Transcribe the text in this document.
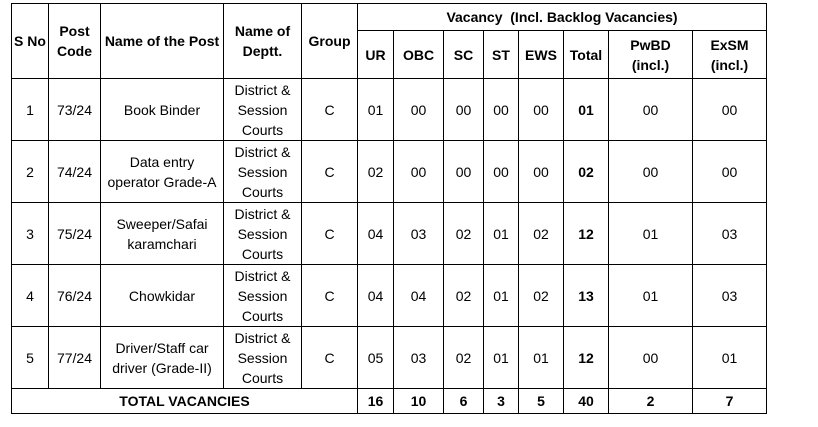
S No	Post Code	Name of the Post	Name of Deptt.	Group	Vacancy  (Incl. Backlog Vacancies)							
					UR	OBC	SC	ST	EWS	Total	PwBD (incl.)	ExSM (incl.)
1	73/24	Book Binder	District & Session Courts	C	01	00	00	00	00	01	00	00
2	74/24	Data entry operator Grade-A	District & Session Courts	C	02	00	00	00	00	02	00	00
3	75/24	Sweeper/Safai karamchari	District & Session Courts	C	04	03	02	01	02	12	01	03
4	76/24	Chowkidar	District & Session Courts	C	04	04	02	01	02	13	01	03
5	77/24	Driver/Staff car driver (Grade-II)	District & Session Courts	C	05	03	02	01	01	12	00	01
TOTAL VACANCIES					16	10	6	3	5	40	2	7
